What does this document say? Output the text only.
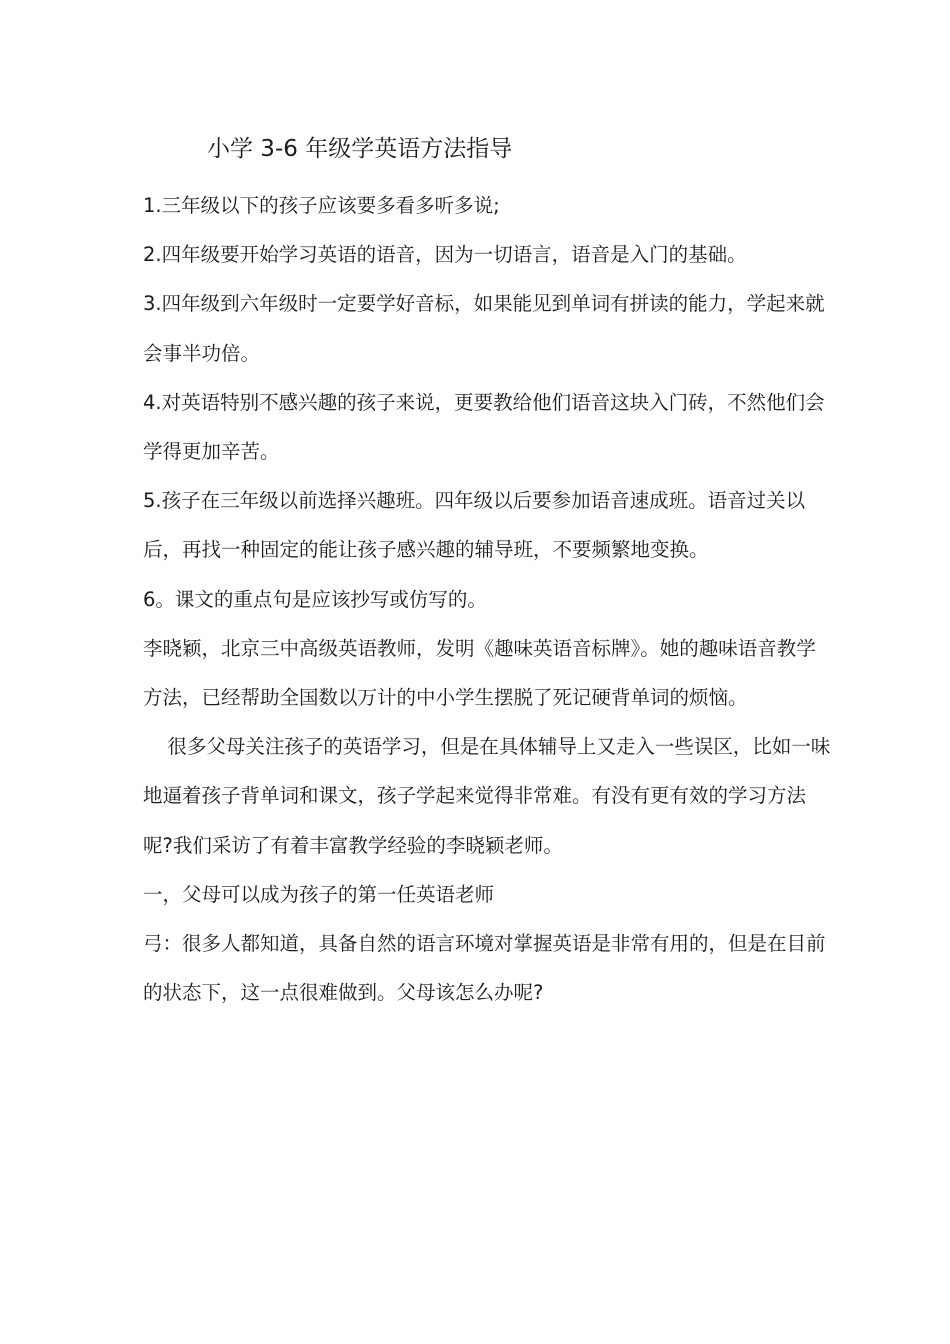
小学 3-6 年级学英语方法指导

1.三年级以下的孩子应该要多看多听多说;

2.四年级要开始学习英语的语音，因为一切语言，语音是入门的基础。

3.四年级到六年级时一定要学好音标，如果能见到单词有拼读的能力，学起来就会事半功倍。

4.对英语特别不感兴趣的孩子来说，更要教给他们语音这块入门砖，不然他们会学得更加辛苦。

5.孩子在三年级以前选择兴趣班。四年级以后要参加语音速成班。语音过关以后，再找一种固定的能让孩子感兴趣的辅导班，不要频繁地变换。

6。课文的重点句是应该抄写或仿写的。

李晓颖，北京三中高级英语教师，发明《趣味英语音标牌》。她的趣味语音教学方法，已经帮助全国数以万计的中小学生摆脱了死记硬背单词的烦恼。

很多父母关注孩子的英语学习，但是在具体辅导上又走入一些误区，比如一味地逼着孩子背单词和课文，孩子学起来觉得非常难。有没有更有效的学习方法呢?我们采访了有着丰富教学经验的李晓颖老师。

一，父母可以成为孩子的第一任英语老师

弓：很多人都知道，具备自然的语言环境对掌握英语是非常有用的，但是在目前的状态下，这一点很难做到。父母该怎么办呢?
